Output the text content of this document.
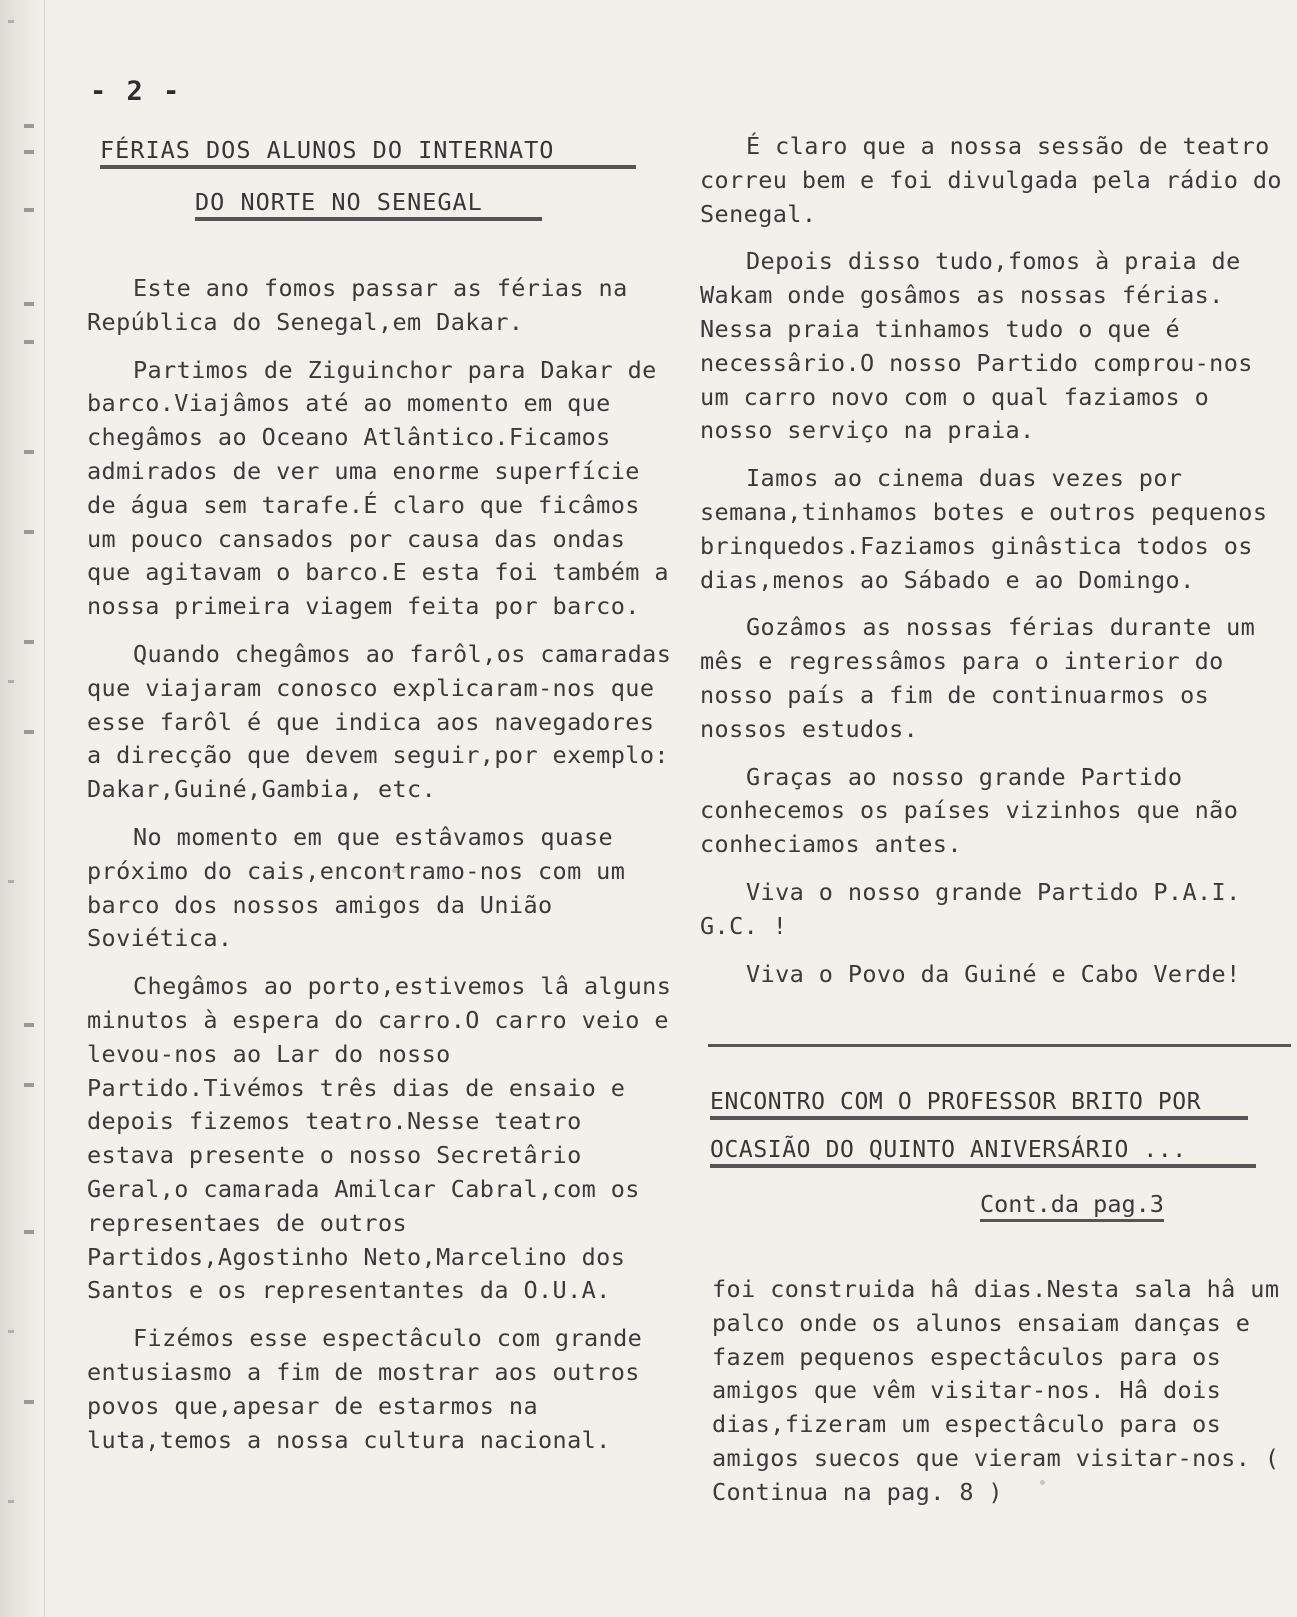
- 2 -
FÉRIAS DOS ALUNOS DO INTERNATO
DO NORTE NO SENEGAL

Este ano fomos passar as férias na República do Senegal,em Dakar.

Partimos de Ziguinchor para Dakar de barco.Viajâmos até ao momento em que chegâmos ao Oceano Atlântico.Ficamos admirados de ver uma enorme superfície de água sem tarafe.É claro que ficâmos um pouco cansados por causa das ondas que agitavam o barco.E esta foi também a nossa primeira viagem feita por barco.

Quando chegâmos ao farôl,os camaradas que viajaram conosco explicaram-nos que esse farôl é que indica aos navegadores a direcção que devem seguir,por exemplo: Dakar,Guiné,Gambia, etc.

No momento em que estâvamos quase próximo do cais,encontramo-nos com um barco dos nossos amigos da União Soviética.

Chegâmos ao porto,estivemos lâ alguns minutos à espera do carro.O carro veio e levou-nos ao Lar do nosso Partido.Tivémos três dias de ensaio e depois fizemos teatro.Nesse teatro estava presente o nosso Secretârio Geral,o camarada Amilcar Cabral,com os representaes de outros Partidos,Agostinho Neto,Marcelino dos Santos e os representantes da O.U.A.

Fizémos esse espectâculo com grande entusiasmo a fim de mostrar aos outros povos que,apesar de estarmos na luta,temos a nossa cultura nacional.

É claro que a nossa sessão de teatro correu bem e foi divulgada pela rádio do Senegal.

Depois disso tudo,fomos à praia de Wakam onde gosâmos as nossas férias. Nessa praia tinhamos tudo o que é necessârio.O nosso Partido comprou-nos um carro novo com o qual faziamos o nosso serviço na praia.

Iamos ao cinema duas vezes por semana,tinhamos botes e outros pequenos brinquedos.Faziamos ginâstica todos os dias,menos ao Sábado e ao Domingo.

Gozâmos as nossas férias durante um mês e regressâmos para o interior do nosso país a fim de continuarmos os nossos estudos.

Graças ao nosso grande Partido conhecemos os países vizinhos que não conheciamos antes.

Viva o nosso grande Partido P.A.I. G.C. !

Viva o Povo da Guiné e Cabo Verde!

ENCONTRO COM O PROFESSOR BRITO POR
OCASIÃO DO QUINTO ANIVERSÁRIO ...
Cont.da pag.3

foi construida hâ dias.Nesta sala hâ um palco onde os alunos ensaiam danças e fazem pequenos espectâculos para os amigos que vêm visitar-nos. Hâ dois dias,fizeram um espectâculo para os amigos suecos que vieram visitar-nos. ( Continua na pag. 8 )
